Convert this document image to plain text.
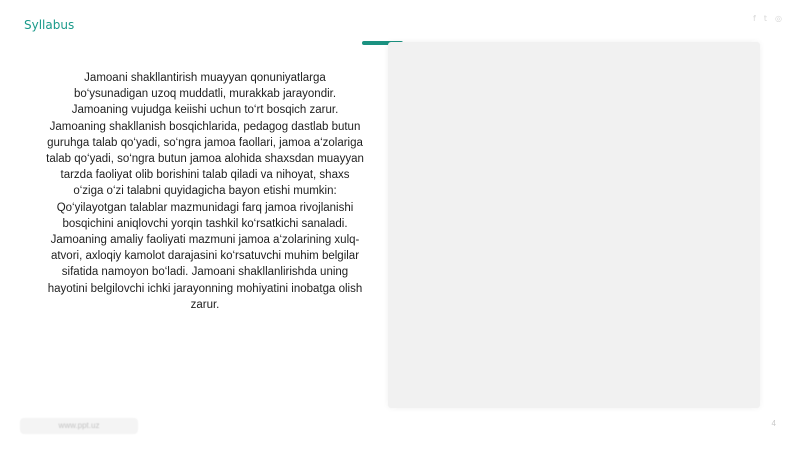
Syllabus	f t ◎
Jamoani shakllantirish muayyan qonuniyatlarga bo‘ysunadigan uzoq muddatli, murakkab jarayondir. Jamoaning vujudga keiishi uchun to‘rt bosqich zarur. Jamoaning shakllanish bosqichlarida, pedagog dastlab butun guruhga talab qo‘yadi, so‘ngra jamoa faollari, jamoa a‘zolariga talab qo‘yadi, so‘ngra butun jamoa alohida shaxsdan muayyan tarzda faoliyat olib borishini talab qiladi va nihoyat, shaxs o‘ziga o‘zi talabni quyidagicha bayon etishi mumkin:
Qo‘yilayotgan talablar mazmunidagi farq jamoa rivojlanishi bosqichini aniqlovchi yorqin tashkil ko‘rsatkichi sanaladi. Jamoaning amaliy faoliyati mazmuni jamoa a‘zolarining xulq-atvori, axloqiy kamolot darajasini ko‘rsatuvchi muhim belgilar sifatida namoyon bo‘ladi. Jamoani shakllanlirishda uning hayotini belgilovchi ichki jarayonning mohiyatini inobatga olish zarur.
www.ppt.uz	4
